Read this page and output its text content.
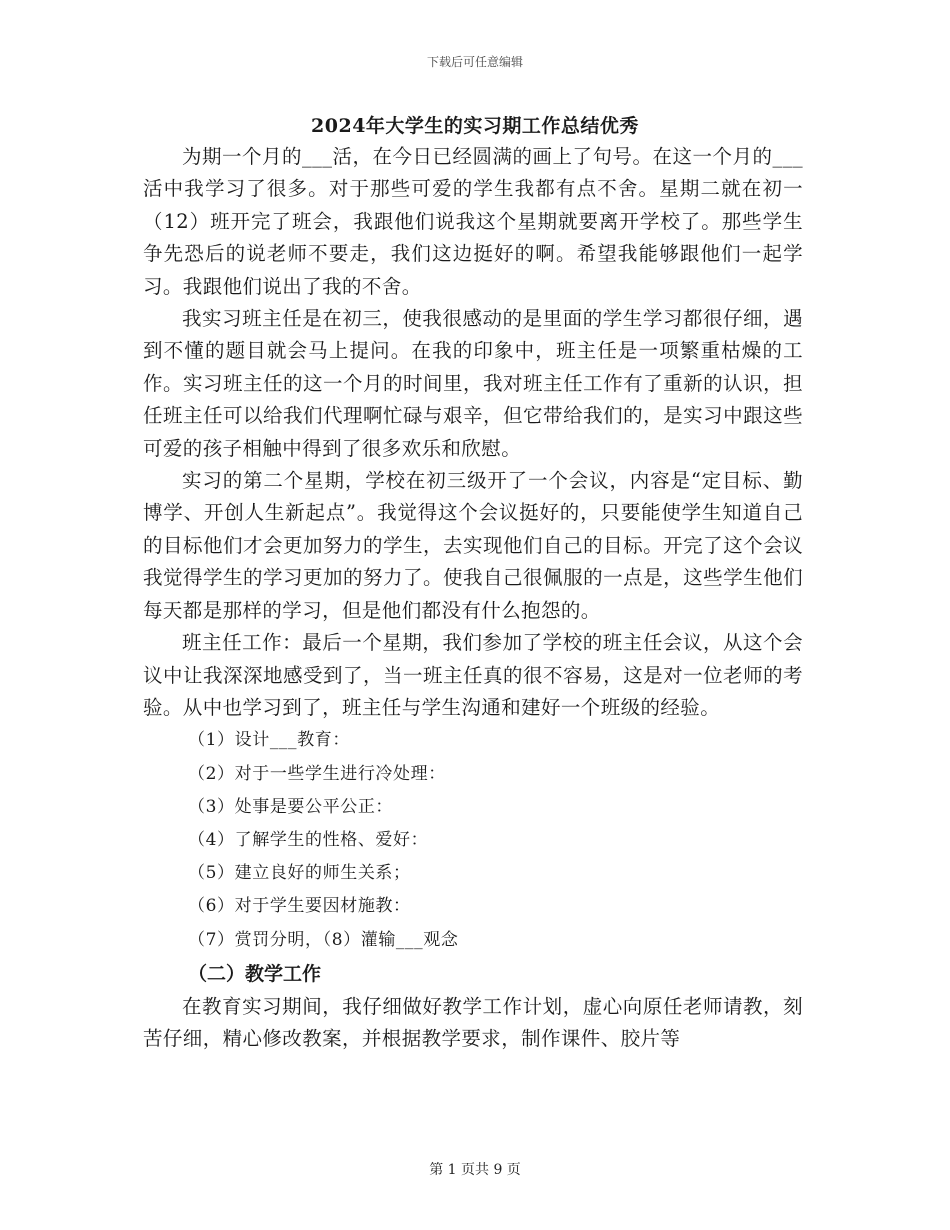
下载后可任意编辑
2024年大学生的实习期工作总结优秀

为期一个月的___活，在今日已经圆满的画上了句号。在这一个月的___活中我学习了很多。对于那些可爱的学生我都有点不舍。星期二就在初一（12）班开完了班会，我跟他们说我这个星期就要离开学校了。那些学生争先恐后的说老师不要走，我们这边挺好的啊。希望我能够跟他们一起学习。我跟他们说出了我的不舍。

我实习班主任是在初三，使我很感动的是里面的学生学习都很仔细，遇到不懂的题目就会马上提问。在我的印象中，班主任是一项繁重枯燥的工作。实习班主任的这一个月的时间里，我对班主任工作有了重新的认识，担任班主任可以给我们代理啊忙碌与艰辛，但它带给我们的，是实习中跟这些可爱的孩子相触中得到了很多欢乐和欣慰。

实习的第二个星期，学校在初三级开了一个会议，内容是“定目标、勤博学、开创人生新起点”。我觉得这个会议挺好的，只要能使学生知道自己的目标他们才会更加努力的学生，去实现他们自己的目标。开完了这个会议我觉得学生的学习更加的努力了。使我自己很佩服的一点是，这些学生他们每天都是那样的学习，但是他们都没有什么抱怨的。

班主任工作：最后一个星期，我们参加了学校的班主任会议，从这个会议中让我深深地感受到了，当一班主任真的很不容易，这是对一位老师的考验。从中也学习到了，班主任与学生沟通和建好一个班级的经验。

（1）设计___教育：

（2）对于一些学生进行冷处理：

（3）处事是要公平公正：

（4）了解学生的性格、爱好：

（5）建立良好的师生关系；

（6）对于学生要因材施教：

（7）赏罚分明，（8）灌输___观念

（二）教学工作

在教育实习期间，我仔细做好教学工作计划，虚心向原任老师请教，刻苦仔细，精心修改教案，并根据教学要求，制作课件、胶片等

第 1 页共 9 页
